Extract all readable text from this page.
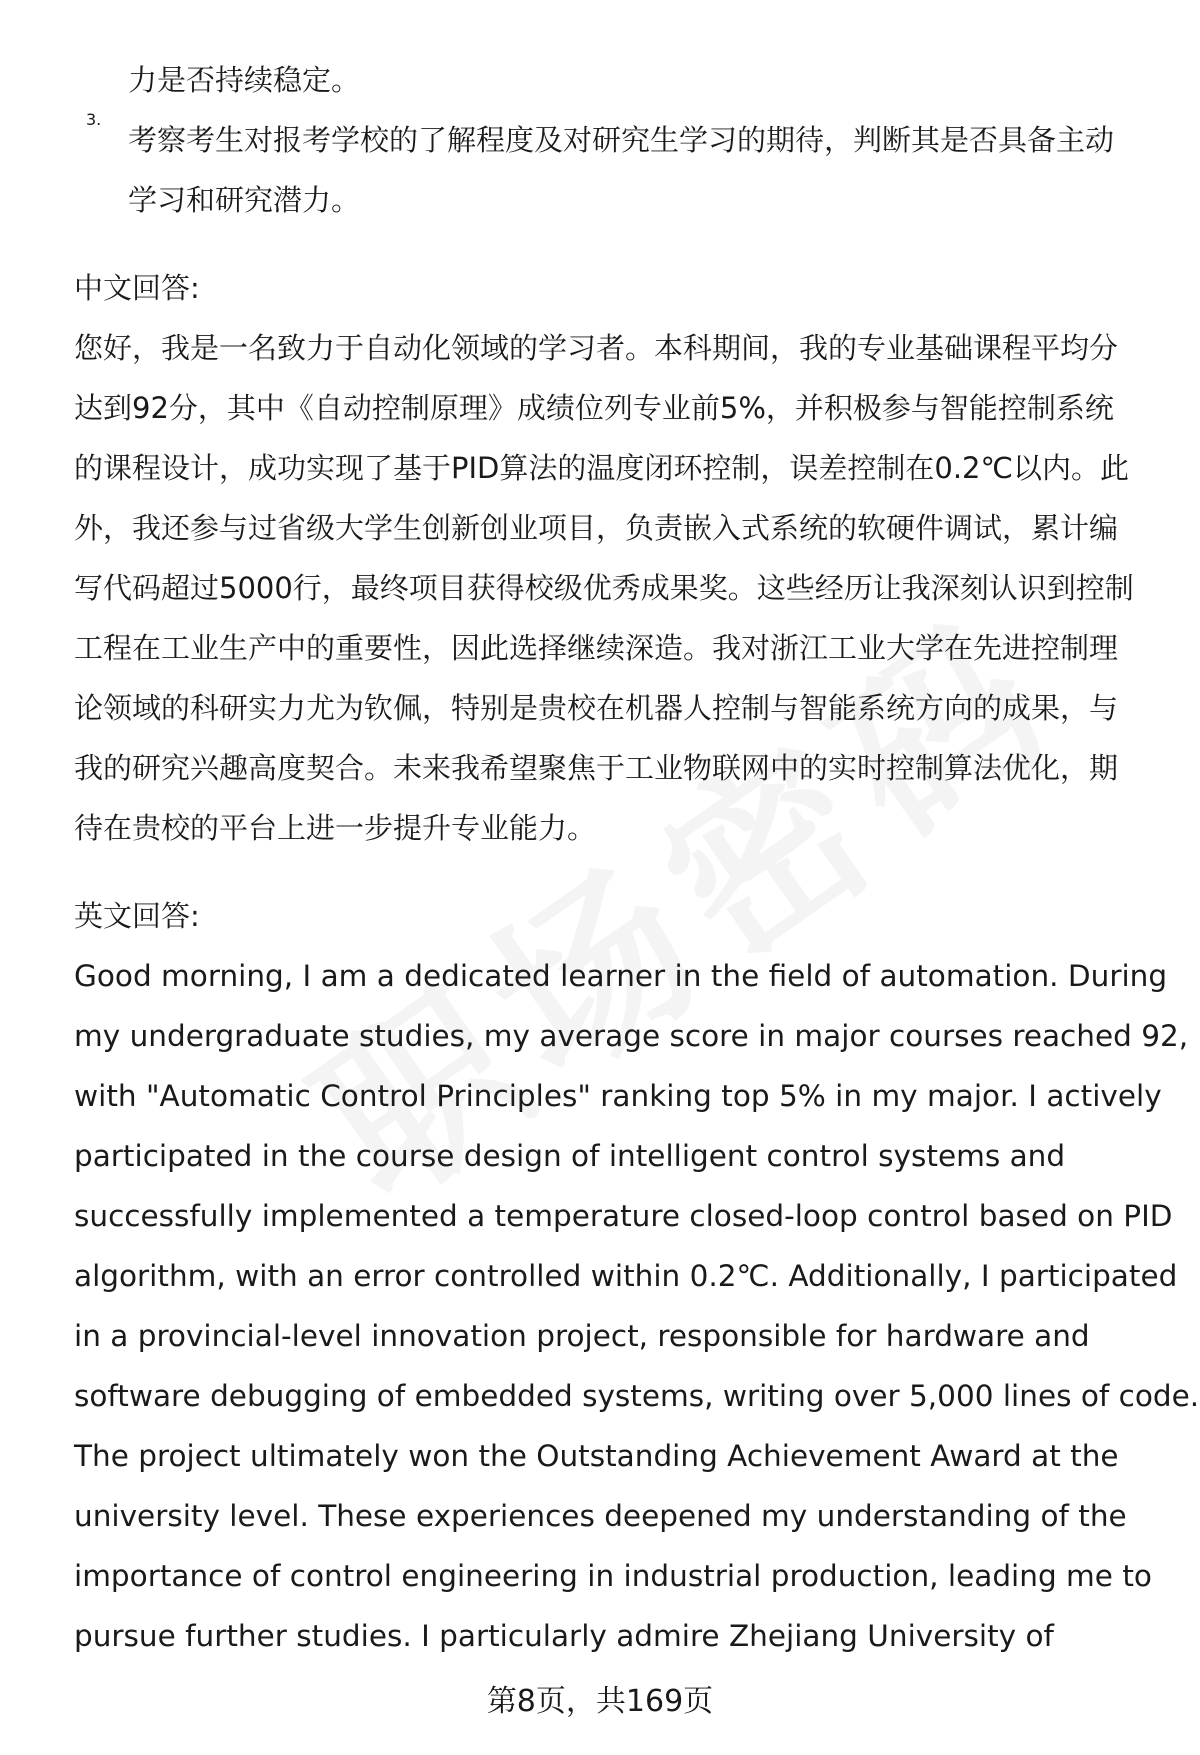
力是否持续稳定。

3.

考察考生对报考学校的了解程度及对研究生学习的期待，判断其是否具备主动

学习和研究潜力。

中文回答:

您好，我是一名致力于自动化领域的学习者。本科期间，我的专业基础课程平均分

达到92分，其中《自动控制原理》成绩位列专业前5%，并积极参与智能控制系统

的课程设计，成功实现了基于PID算法的温度闭环控制，误差控制在0.2℃以内。此

外，我还参与过省级大学生创新创业项目，负责嵌入式系统的软硬件调试，累计编

写代码超过5000行，最终项目获得校级优秀成果奖。这些经历让我深刻认识到控制

工程在工业生产中的重要性，因此选择继续深造。我对浙江工业大学在先进控制理

论领域的科研实力尤为钦佩，特别是贵校在机器人控制与智能系统方向的成果，与

我的研究兴趣高度契合。未来我希望聚焦于工业物联网中的实时控制算法优化，期

待在贵校的平台上进一步提升专业能力。

英文回答:

Good morning, I am a dedicated learner in the field of automation. During

my undergraduate studies, my average score in major courses reached 92,

with "Automatic Control Principles" ranking top 5% in my major. I actively

participated in the course design of intelligent control systems and

successfully implemented a temperature closed-loop control based on PID

algorithm, with an error controlled within 0.2℃. Additionally, I participated

in a provincial-level innovation project, responsible for hardware and

software debugging of embedded systems, writing over 5,000 lines of code.

The project ultimately won the Outstanding Achievement Award at the

university level. These experiences deepened my understanding of the

importance of control engineering in industrial production, leading me to

pursue further studies. I particularly admire Zhejiang University of

第8页，共169页
